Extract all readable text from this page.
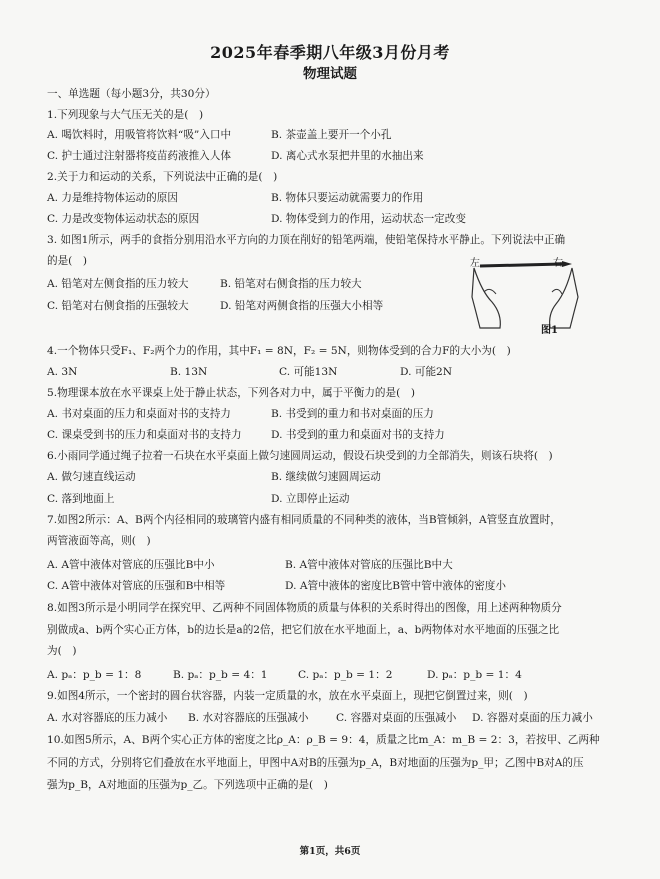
2025年春季期八年级3月份月考
物理试题
一、单选题（每小题3分，共30分）
1.下列现象与大气压无关的是(　)
A. 喝饮料时，用吸管将饮料“吸”入口中	B. 茶壶盖上要开一个小孔
C. 护士通过注射器将疫苗药液推入人体	D. 离心式水泵把井里的水抽出来
2.关于力和运动的关系，下列说法中正确的是(　)
A. 力是维持物体运动的原因	B. 物体只要运动就需要力的作用
C. 力是改变物体运动状态的原因	D. 物体受到力的作用，运动状态一定改变
3. 如图1所示，两手的食指分别用沿水平方向的力顶在削好的铅笔两端，使铅笔保持水平静止。下列说法中正确
的是(　)
A. 铅笔对左侧食指的压力较大	B. 铅笔对右侧食指的压力较大
C. 铅笔对右侧食指的压强较大	D. 铅笔对两侧食指的压强大小相等
左	右
图1
4.一个物体只受F₁、F₂两个力的作用，其中F₁ = 8N，F₂ = 5N，则物体受到的合力F的大小为(　)
A. 3N	B. 13N	C. 可能13N	D. 可能2N
5.物理课本放在水平课桌上处于静止状态，下列各对力中，属于平衡力的是(　)
A. 书对桌面的压力和桌面对书的支持力	B. 书受到的重力和书对桌面的压力
C. 课桌受到书的压力和桌面对书的支持力	D. 书受到的重力和桌面对书的支持力
6.小雨同学通过绳子拉着一石块在水平桌面上做匀速圆周运动，假设石块受到的力全部消失，则该石块将(　)
A. 做匀速直线运动	B. 继续做匀速圆周运动
C. 落到地面上	D. 立即停止运动
7.如图2所示：A、B两个内径相同的玻璃管内盛有相同质量的不同种类的液体，当B管倾斜，A管竖直放置时，
两管液面等高，则(　)
A. A管中液体对管底的压强比B中小	B. A管中液体对管底的压强比B中大
C. A管中液体对管底的压强和B中相等	D. A管中液体的密度比B管中管中液体的密度小
8.如图3所示是小明同学在探究甲、乙两种不同固体物质的质量与体积的关系时得出的图像，用上述两种物质分
别做成a、b两个实心正方体，b的边长是a的2倍，把它们放在水平地面上，a、b两物体对水平地面的压强之比
为(　)
A. pₐ：p_b = 1：8	B. pₐ：p_b = 4：1	C. pₐ：p_b = 1：2	D. pₐ：p_b = 1：4
9.如图4所示，一个密封的圆台状容器，内装一定质量的水，放在水平桌面上，现把它倒置过来，则(　)
A. 水对容器底的压力减小 B. 水对容器底的压强减小	C. 容器对桌面的压强减小 D. 容器对桌面的压力减小
10.如图5所示，A、B两个实心正方体的密度之比ρ_A：ρ_B = 9：4，质量之比m_A：m_B = 2：3，若按甲、乙两种
不同的方式，分别将它们叠放在水平地面上，甲图中A对B的压强为p_A，B对地面的压强为p_甲；乙图中B对A的压
强为p_B，A对地面的压强为p_乙。下列选项中正确的是(　)
第1页，共6页
